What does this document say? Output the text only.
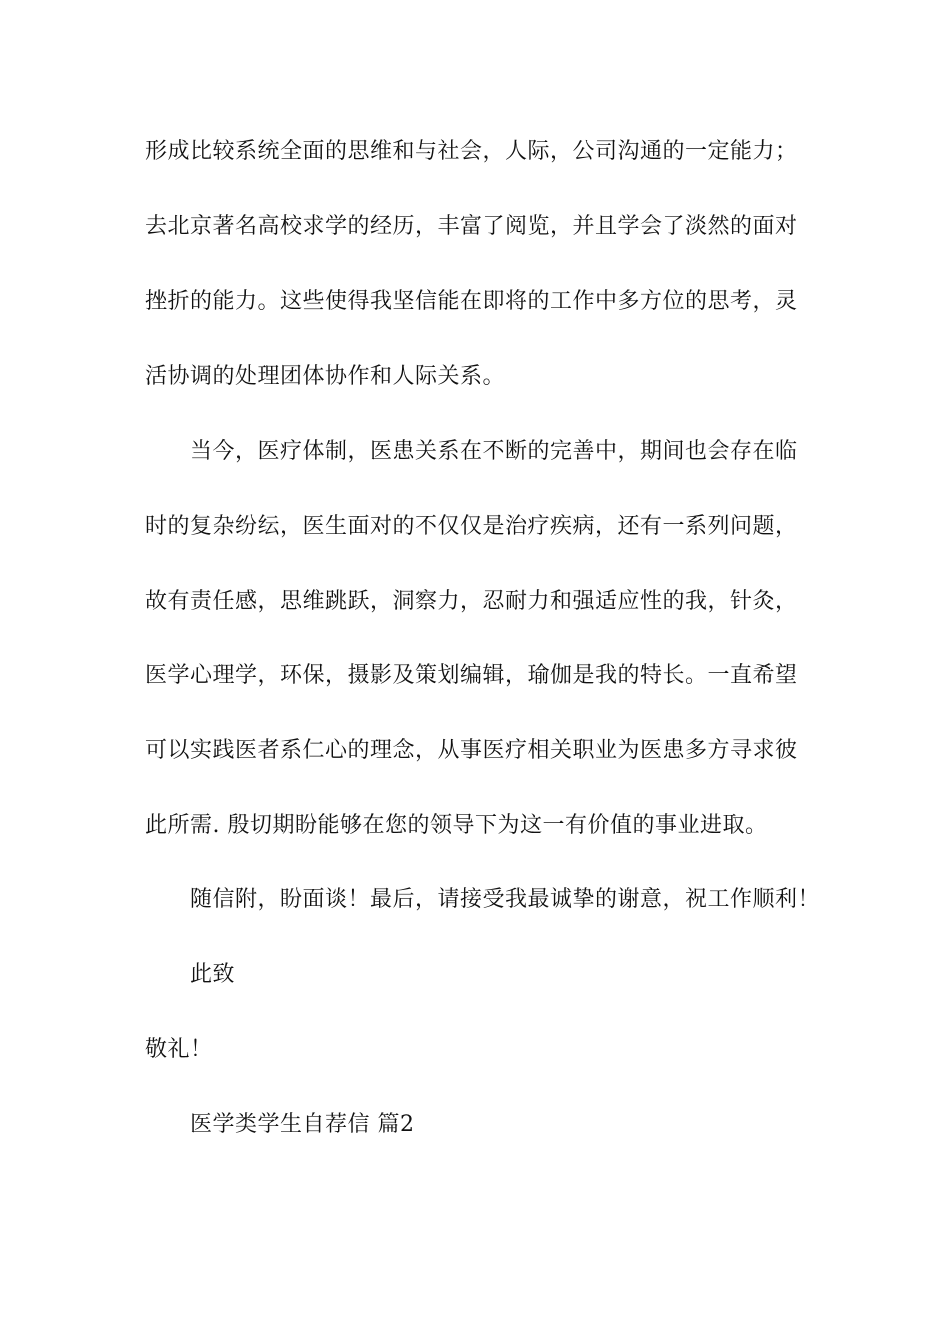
形成比较系统全面的思维和与社会，人际，公司沟通的一定能力；
去北京著名高校求学的经历，丰富了阅览，并且学会了淡然的面对
挫折的能力。这些使得我坚信能在即将的工作中多方位的思考，灵
活协调的处理团体协作和人际关系。
当今，医疗体制，医患关系在不断的完善中，期间也会存在临
时的复杂纷纭，医生面对的不仅仅是治疗疾病，还有一系列问题，
故有责任感，思维跳跃，洞察力，忍耐力和强适应性的我，针灸，
医学心理学，环保，摄影及策划编辑，瑜伽是我的特长。一直希望
可以实践医者系仁心的理念，从事医疗相关职业为医患多方寻求彼
此所需. 殷切期盼能够在您的领导下为这一有价值的事业进取。
随信附，盼面谈！最后，请接受我最诚挚的谢意，祝工作顺利！
此致
敬礼！
医学类学生自荐信 篇2
